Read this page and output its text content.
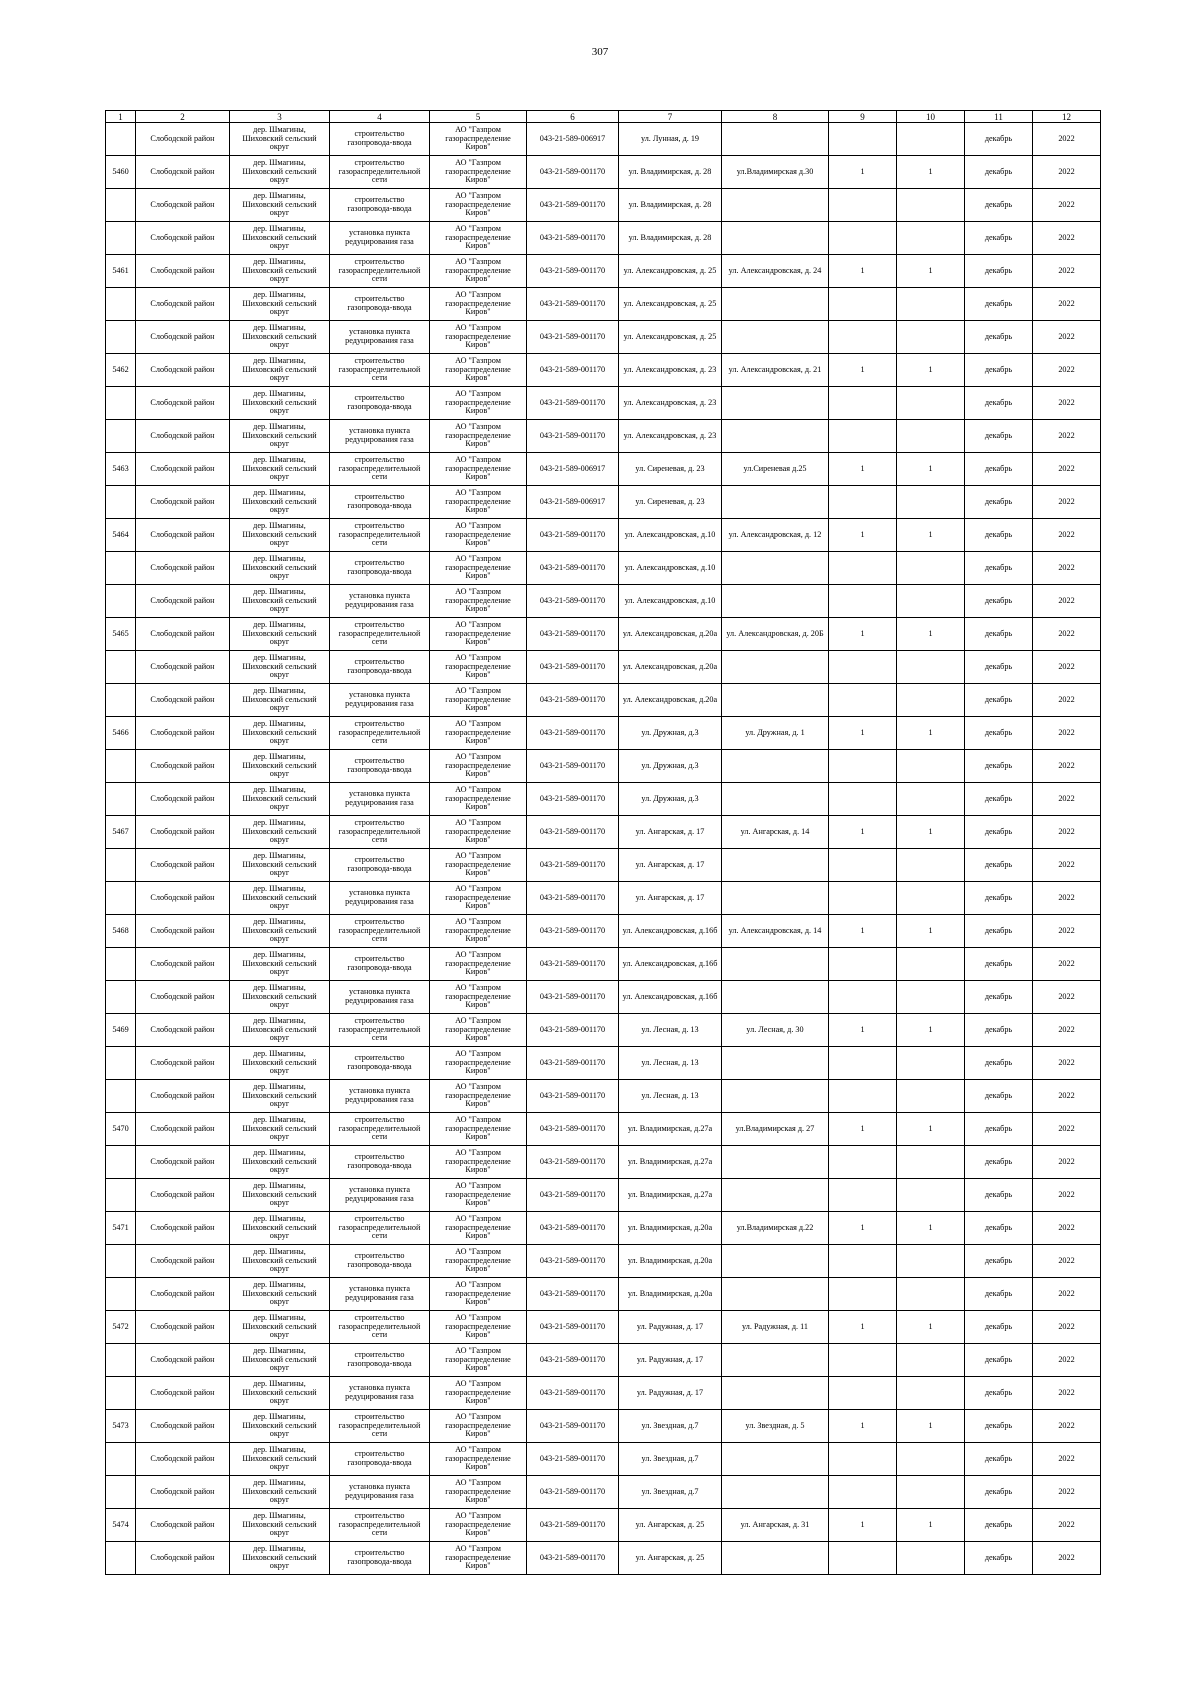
307
1	2	3	4	5	6	7	8	9	10	11	12
	Слободской район	дер. Шмагины, Шиховский сельский округ	строительство газопровода-ввода	АО "Газпром газораспределение Киров"	043-21-589-006917	ул. Лунная, д. 19				декабрь	2022
5460	Слободской район	дер. Шмагины, Шиховский сельский округ	строительство газораспределительной сети	АО "Газпром газораспределение Киров"	043-21-589-001170	ул. Владимирская, д. 28	ул.Владимирская д.30	1	1	декабрь	2022
	Слободской район	дер. Шмагины, Шиховский сельский округ	строительство газопровода-ввода	АО "Газпром газораспределение Киров"	043-21-589-001170	ул. Владимирская, д. 28				декабрь	2022
	Слободской район	дер. Шмагины, Шиховский сельский округ	установка пункта редуцирования газа	АО "Газпром газораспределение Киров"	043-21-589-001170	ул. Владимирская, д. 28				декабрь	2022
5461	Слободской район	дер. Шмагины, Шиховский сельский округ	строительство газораспределительной сети	АО "Газпром газораспределение Киров"	043-21-589-001170	ул. Александровская, д. 25	ул. Александровская, д. 24	1	1	декабрь	2022
	Слободской район	дер. Шмагины, Шиховский сельский округ	строительство газопровода-ввода	АО "Газпром газораспределение Киров"	043-21-589-001170	ул. Александровская, д. 25				декабрь	2022
	Слободской район	дер. Шмагины, Шиховский сельский округ	установка пункта редуцирования газа	АО "Газпром газораспределение Киров"	043-21-589-001170	ул. Александровская, д. 25				декабрь	2022
5462	Слободской район	дер. Шмагины, Шиховский сельский округ	строительство газораспределительной сети	АО "Газпром газораспределение Киров"	043-21-589-001170	ул. Александровская, д. 23	ул. Александровская, д. 21	1	1	декабрь	2022
	Слободской район	дер. Шмагины, Шиховский сельский округ	строительство газопровода-ввода	АО "Газпром газораспределение Киров"	043-21-589-001170	ул. Александровская, д. 23				декабрь	2022
	Слободской район	дер. Шмагины, Шиховский сельский округ	установка пункта редуцирования газа	АО "Газпром газораспределение Киров"	043-21-589-001170	ул. Александровская, д. 23				декабрь	2022
5463	Слободской район	дер. Шмагины, Шиховский сельский округ	строительство газораспределительной сети	АО "Газпром газораспределение Киров"	043-21-589-006917	ул. Сиреневая, д. 23	ул.Сиреневая д.25	1	1	декабрь	2022
	Слободской район	дер. Шмагины, Шиховский сельский округ	строительство газопровода-ввода	АО "Газпром газораспределение Киров"	043-21-589-006917	ул. Сиреневая, д. 23				декабрь	2022
5464	Слободской район	дер. Шмагины, Шиховский сельский округ	строительство газораспределительной сети	АО "Газпром газораспределение Киров"	043-21-589-001170	ул. Александровская, д.10	ул. Александровская, д. 12	1	1	декабрь	2022
	Слободской район	дер. Шмагины, Шиховский сельский округ	строительство газопровода-ввода	АО "Газпром газораспределение Киров"	043-21-589-001170	ул. Александровская, д.10				декабрь	2022
	Слободской район	дер. Шмагины, Шиховский сельский округ	установка пункта редуцирования газа	АО "Газпром газораспределение Киров"	043-21-589-001170	ул. Александровская, д.10				декабрь	2022
5465	Слободской район	дер. Шмагины, Шиховский сельский округ	строительство газораспределительной сети	АО "Газпром газораспределение Киров"	043-21-589-001170	ул. Александровская, д.20а	ул. Александровская, д. 20Б	1	1	декабрь	2022
	Слободской район	дер. Шмагины, Шиховский сельский округ	строительство газопровода-ввода	АО "Газпром газораспределение Киров"	043-21-589-001170	ул. Александровская, д.20а				декабрь	2022
	Слободской район	дер. Шмагины, Шиховский сельский округ	установка пункта редуцирования газа	АО "Газпром газораспределение Киров"	043-21-589-001170	ул. Александровская, д.20а				декабрь	2022
5466	Слободской район	дер. Шмагины, Шиховский сельский округ	строительство газораспределительной сети	АО "Газпром газораспределение Киров"	043-21-589-001170	ул. Дружная, д.3	ул. Дружная, д. 1	1	1	декабрь	2022
	Слободской район	дер. Шмагины, Шиховский сельский округ	строительство газопровода-ввода	АО "Газпром газораспределение Киров"	043-21-589-001170	ул. Дружная, д.3				декабрь	2022
	Слободской район	дер. Шмагины, Шиховский сельский округ	установка пункта редуцирования газа	АО "Газпром газораспределение Киров"	043-21-589-001170	ул. Дружная, д.3				декабрь	2022
5467	Слободской район	дер. Шмагины, Шиховский сельский округ	строительство газораспределительной сети	АО "Газпром газораспределение Киров"	043-21-589-001170	ул. Ангарская, д. 17	ул. Ангарская, д. 14	1	1	декабрь	2022
	Слободской район	дер. Шмагины, Шиховский сельский округ	строительство газопровода-ввода	АО "Газпром газораспределение Киров"	043-21-589-001170	ул. Ангарская, д. 17				декабрь	2022
	Слободской район	дер. Шмагины, Шиховский сельский округ	установка пункта редуцирования газа	АО "Газпром газораспределение Киров"	043-21-589-001170	ул. Ангарская, д. 17				декабрь	2022
5468	Слободской район	дер. Шмагины, Шиховский сельский округ	строительство газораспределительной сети	АО "Газпром газораспределение Киров"	043-21-589-001170	ул. Александровская, д.16б	ул. Александровская, д. 14	1	1	декабрь	2022
	Слободской район	дер. Шмагины, Шиховский сельский округ	строительство газопровода-ввода	АО "Газпром газораспределение Киров"	043-21-589-001170	ул. Александровская, д.16б				декабрь	2022
	Слободской район	дер. Шмагины, Шиховский сельский округ	установка пункта редуцирования газа	АО "Газпром газораспределение Киров"	043-21-589-001170	ул. Александровская, д.16б				декабрь	2022
5469	Слободской район	дер. Шмагины, Шиховский сельский округ	строительство газораспределительной сети	АО "Газпром газораспределение Киров"	043-21-589-001170	ул. Лесная, д. 13	ул. Лесная, д. 30	1	1	декабрь	2022
	Слободской район	дер. Шмагины, Шиховский сельский округ	строительство газопровода-ввода	АО "Газпром газораспределение Киров"	043-21-589-001170	ул. Лесная, д. 13				декабрь	2022
	Слободской район	дер. Шмагины, Шиховский сельский округ	установка пункта редуцирования газа	АО "Газпром газораспределение Киров"	043-21-589-001170	ул. Лесная, д. 13				декабрь	2022
5470	Слободской район	дер. Шмагины, Шиховский сельский округ	строительство газораспределительной сети	АО "Газпром газораспределение Киров"	043-21-589-001170	ул. Владимирская, д.27а	ул.Владимирская д. 27	1	1	декабрь	2022
	Слободской район	дер. Шмагины, Шиховский сельский округ	строительство газопровода-ввода	АО "Газпром газораспределение Киров"	043-21-589-001170	ул. Владимирская, д.27а				декабрь	2022
	Слободской район	дер. Шмагины, Шиховский сельский округ	установка пункта редуцирования газа	АО "Газпром газораспределение Киров"	043-21-589-001170	ул. Владимирская, д.27а				декабрь	2022
5471	Слободской район	дер. Шмагины, Шиховский сельский округ	строительство газораспределительной сети	АО "Газпром газораспределение Киров"	043-21-589-001170	ул. Владимирская, д.20а	ул.Владимирская д.22	1	1	декабрь	2022
	Слободской район	дер. Шмагины, Шиховский сельский округ	строительство газопровода-ввода	АО "Газпром газораспределение Киров"	043-21-589-001170	ул. Владимирская, д.20а				декабрь	2022
	Слободской район	дер. Шмагины, Шиховский сельский округ	установка пункта редуцирования газа	АО "Газпром газораспределение Киров"	043-21-589-001170	ул. Владимирская, д.20а				декабрь	2022
5472	Слободской район	дер. Шмагины, Шиховский сельский округ	строительство газораспределительной сети	АО "Газпром газораспределение Киров"	043-21-589-001170	ул. Радужная, д. 17	ул. Радужная, д. 11	1	1	декабрь	2022
	Слободской район	дер. Шмагины, Шиховский сельский округ	строительство газопровода-ввода	АО "Газпром газораспределение Киров"	043-21-589-001170	ул. Радужная, д. 17				декабрь	2022
	Слободской район	дер. Шмагины, Шиховский сельский округ	установка пункта редуцирования газа	АО "Газпром газораспределение Киров"	043-21-589-001170	ул. Радужная, д. 17				декабрь	2022
5473	Слободской район	дер. Шмагины, Шиховский сельский округ	строительство газораспределительной сети	АО "Газпром газораспределение Киров"	043-21-589-001170	ул. Звездная, д.7	ул. Звездная, д. 5	1	1	декабрь	2022
	Слободской район	дер. Шмагины, Шиховский сельский округ	строительство газопровода-ввода	АО "Газпром газораспределение Киров"	043-21-589-001170	ул. Звездная, д.7				декабрь	2022
	Слободской район	дер. Шмагины, Шиховский сельский округ	установка пункта редуцирования газа	АО "Газпром газораспределение Киров"	043-21-589-001170	ул. Звездная, д.7				декабрь	2022
5474	Слободской район	дер. Шмагины, Шиховский сельский округ	строительство газораспределительной сети	АО "Газпром газораспределение Киров"	043-21-589-001170	ул. Ангарская, д. 25	ул. Ангарская, д. 31	1	1	декабрь	2022
	Слободской район	дер. Шмагины, Шиховский сельский округ	строительство газопровода-ввода	АО "Газпром газораспределение Киров"	043-21-589-001170	ул. Ангарская, д. 25				декабрь	2022
